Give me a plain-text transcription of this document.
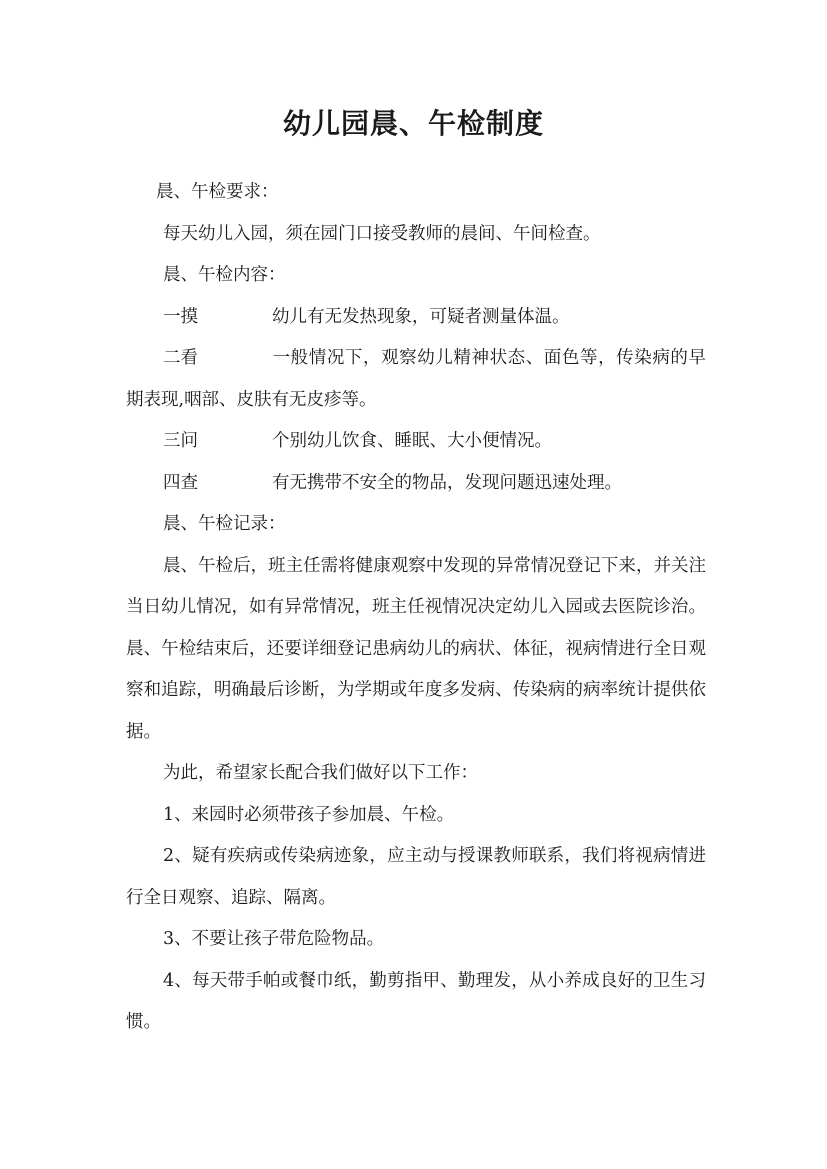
幼儿园晨、午检制度

晨、午检要求：

每天幼儿入园，须在园门口接受教师的晨间、午间检查。

晨、午检内容：

一摸	幼儿有无发热现象，可疑者测量体温。

二看	一般情况下，观察幼儿精神状态、面色等，传染病的早期表现,咽部、皮肤有无皮疹等。

三问	个别幼儿饮食、睡眠、大小便情况。

四查	有无携带不安全的物品，发现问题迅速处理。

晨、午检记录：

晨、午检后，班主任需将健康观察中发现的异常情况登记下来，并关注当日幼儿情况，如有异常情况，班主任视情况决定幼儿入园或去医院诊治。晨、午检结束后，还要详细登记患病幼儿的病状、体征，视病情进行全日观察和追踪，明确最后诊断，为学期或年度多发病、传染病的病率统计提供依据。

为此，希望家长配合我们做好以下工作：

1、来园时必须带孩子参加晨、午检。

2、疑有疾病或传染病迹象，应主动与授课教师联系，我们将视病情进行全日观察、追踪、隔离。

3、不要让孩子带危险物品。

4、每天带手帕或餐巾纸，勤剪指甲、勤理发，从小养成良好的卫生习惯。
